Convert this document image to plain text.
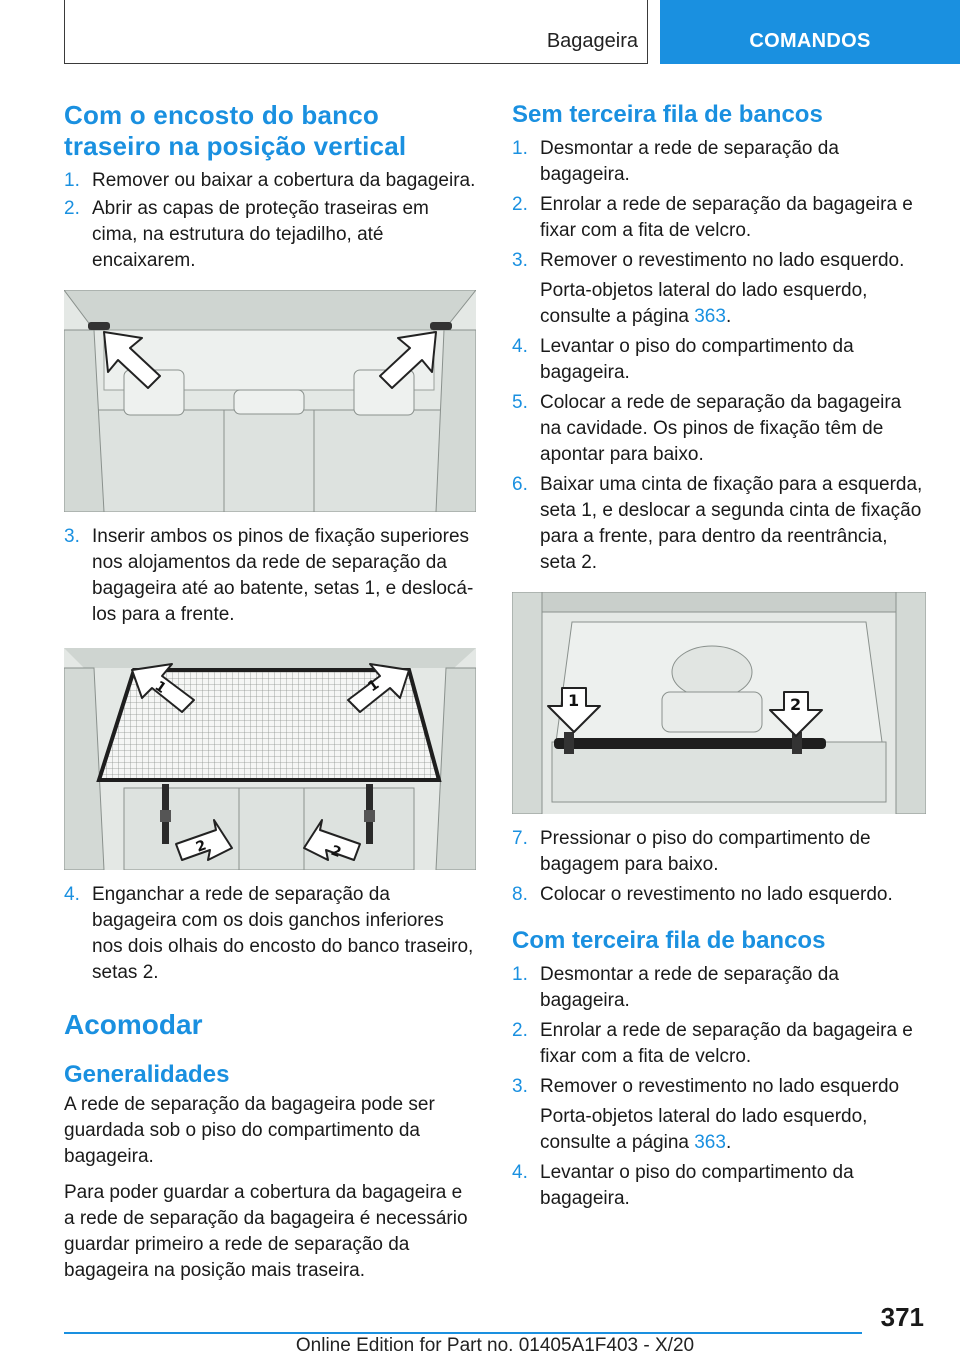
Bagageira	COMANDOS
Com o encosto do banco traseiro na posição vertical
1. Remover ou baixar a cobertura da bagageira.
2. Abrir as capas de proteção traseiras em cima, na estrutura do tejadilho, até encaixarem.
3. Inserir ambos os pinos de fixação superiores nos alojamentos da rede de separação da bagageira até ao batente, setas 1, e deslocá-los para a frente.
1	1
2	2
4. Enganchar a rede de separação da bagageira com os dois ganchos inferiores nos dois olhais do encosto do banco traseiro, setas 2.
Acomodar
Generalidades

A rede de separação da bagageira pode ser guardada sob o piso do compartimento da bagageira.

Para poder guardar a cobertura da bagageira e a rede de separação da bagageira é necessário guardar primeiro a rede de separação da bagageira na posição mais traseira.

Sem terceira fila de bancos
1. Desmontar a rede de separação da bagageira.
2. Enrolar a rede de separação da bagageira e fixar com a fita de velcro.
3. Remover o revestimento no lado esquerdo.

Porta-objetos lateral do lado esquerdo, consulte a página 363.

4. Levantar o piso do compartimento da bagageira.
5. Colocar a rede de separação da bagageira na cavidade. Os pinos de fixação têm de apontar para baixo.
6. Baixar uma cinta de fixação para a esquerda, seta 1, e deslocar a segunda cinta de fixação para a frente, para dentro da reentrância, seta 2.
1	2
7. Pressionar o piso do compartimento de bagagem para baixo.
8. Colocar o revestimento no lado esquerdo.
Com terceira fila de bancos
1. Desmontar a rede de separação da bagageira.
2. Enrolar a rede de separação da bagageira e fixar com a fita de velcro.
3. Remover o revestimento no lado esquerdo

Porta-objetos lateral do lado esquerdo, consulte a página 363.

4. Levantar o piso do compartimento da bagageira.
371
Online Edition for Part no. 01405A1F403 - X/20
